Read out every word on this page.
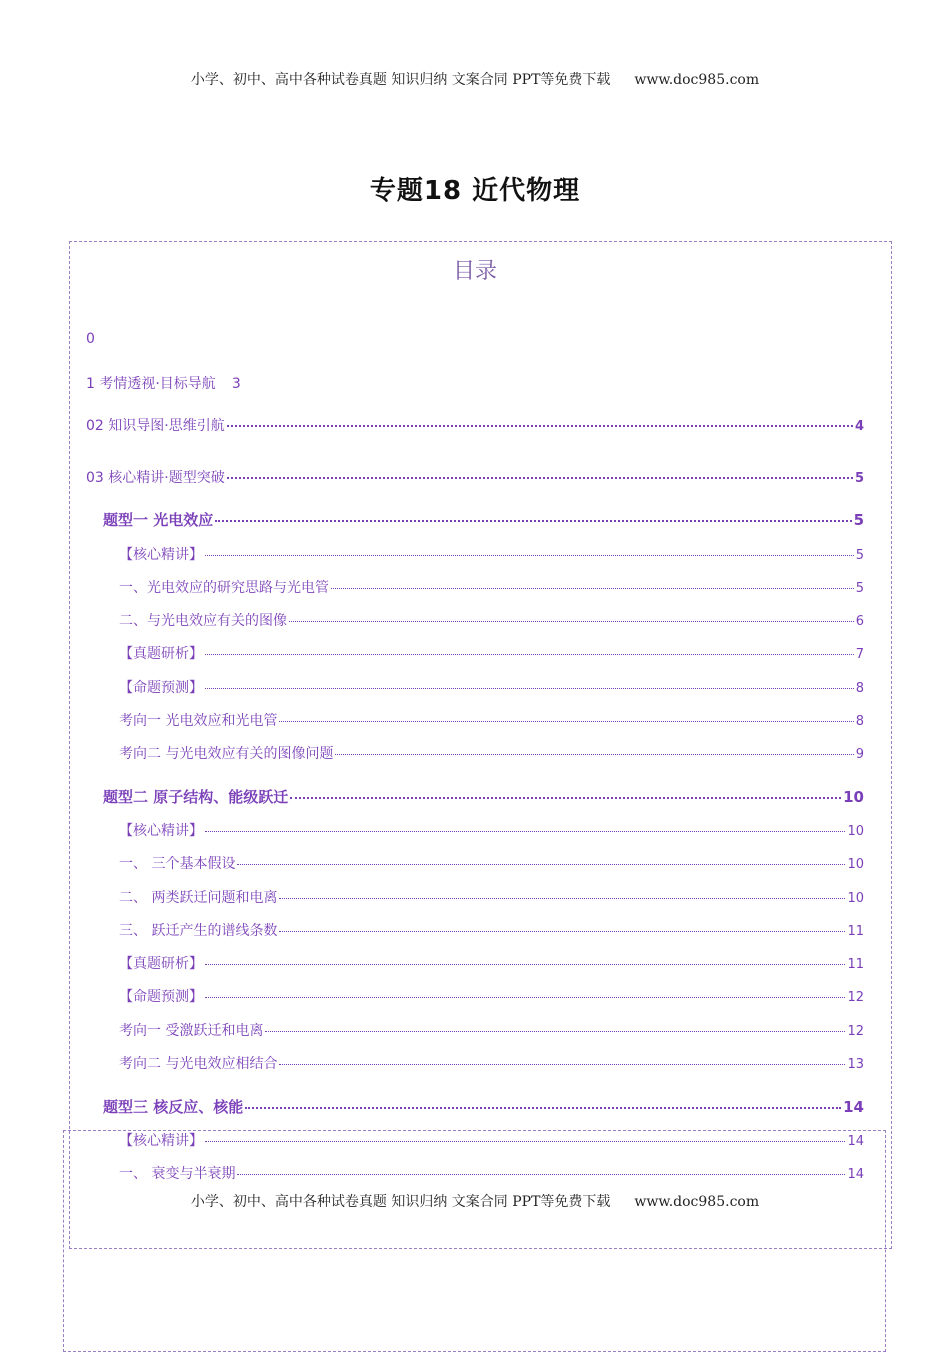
小学、初中、高中各种试卷真题 知识归纳 文案合同 PPT等免费下载 www.doc985.com
专题18 近代物理
目录
0
1 考情透视·目标导航 3
02 知识导图·思维引航	4
03 核心精讲·题型突破	5
题型一 光电效应	5
【核心精讲】	5
一、光电效应的研究思路与光电管	5
二、与光电效应有关的图像	6
【真题研析】	7
【命题预测】	8
考向一 光电效应和光电管	8
考向二 与光电效应有关的图像问题	9
题型二 原子结构、能级跃迁	10
【核心精讲】	10
一、 三个基本假设	10
二、 两类跃迁问题和电离	10
三、 跃迁产生的谱线条数	11
【真题研析】	11
【命题预测】	12
考向一 受激跃迁和电离	12
考向二 与光电效应相结合	13
题型三 核反应、核能	14
【核心精讲】	14
一、 衰变与半衰期	14
小学、初中、高中各种试卷真题 知识归纳 文案合同 PPT等免费下载 www.doc985.com
